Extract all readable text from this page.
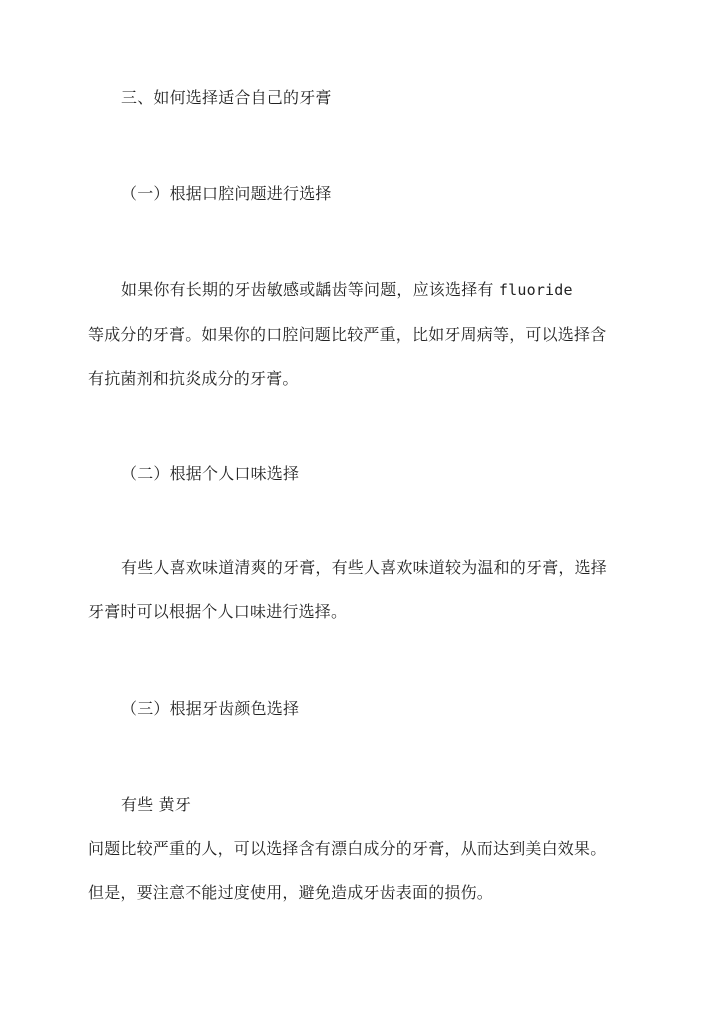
三、如何选择适合自己的牙膏

（一）根据口腔问题进行选择

如果你有长期的牙齿敏感或龋齿等问题，应该选择有 fluoride

等成分的牙膏。如果你的口腔问题比较严重，比如牙周病等，可以选择含

有抗菌剂和抗炎成分的牙膏。

（二）根据个人口味选择

有些人喜欢味道清爽的牙膏，有些人喜欢味道较为温和的牙膏，选择

牙膏时可以根据个人口味进行选择。

（三）根据牙齿颜色选择

有些 黄牙

问题比较严重的人，可以选择含有漂白成分的牙膏，从而达到美白效果。

但是，要注意不能过度使用，避免造成牙齿表面的损伤。
